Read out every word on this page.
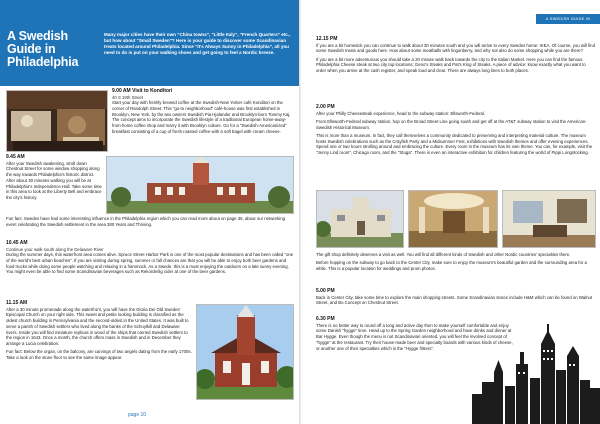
A Swedish Guide in Philadelphia
Many major cities have their own "China towns", "Little Italy", "French Quarters" etc., but how about "Small Sweden"? Here is your guide to discover some Scandinavian treats located around Philadelphia. Since "It's Always Sunny in Philadelphia", all you need to do is put on your walking shoes and get going to feel a Nordic breeze.
9.00 AM Visit to Konditori
40 S 19th Street

Start your day with freshly brewed coffee at the Swedish-New Yorker café Konditori on the corner of Randolph Street. This "go-to neighborhood" café-house was first established in Brooklyn, New York, by the two owners Swedish Pia Hjalander and Brooklyn-born Tommy Kaj. The concept aims to incorporate the Swedish lifestyle of a traditional European home-away-from-home coffee shop and marry it with Brooklyn culture. Go for a "Swedish-Americanized" breakfast consisting of a cup of fresh roasted coffee with a soft bagel with cream cheese.

9.45 AM

After your Swedish awakening, stroll down Chestnut Street for some window shopping along the way towards Philadelphia's historic district. After about 30 minutes walking you will be at Philadelphia's Independence Hall. Take some time in this area to look at the Liberty Bell and embrace the city's history.

Fun fact. Swedes have had some interesting influence in the Philadelphia region which you can read more about on page 35, about our networking event celebrating the Swedish settlement in the area 380 Years and Thriving.

10.45 AM
Continue your walk south along the Delaware River

During the summer days, this waterfront area comes alive. Spruce Street Harbor Park is one of the most popular destinations and has been called "one of the world's best urban beaches". If you are visiting during spring, summer or fall chances are that you will be able to enjoy both beer gardens and food trucks while doing some people watching and relaxing in a hammock. As a Swede, this is a must enjoying the outdoors on a late sunny evening. You might even be able to find some Scandinavian beverages such as Rekorderlig cider at one of the beer gardens.

11.15 AM

After a 30 minute promenade along the waterfront, you will have the Gloria Dei Old Swedes' Episcopal Church on your right side. This sweet and petite looking building is classified as the oldest church building in Pennsylvania and the second-oldest in the United States. It was built to serve a parish of Swedish settlers who lived along the banks of the Schuylkill and Delaware rivers. Inside you will find miniature replicas in wood of the ships that carried Swedish settlers to the region in 1643. Once a month, the church offers mass in Swedish and in December they arrange a Lucia celebration.

Fun fact: Below the organ, on the balcony, are carvings of two angels dating from the early 1700s. Take a look on the stone floor to see the same image appear.

page 10
A SWEDISH GUIDE IN PHILADELPHIA
12.15 PM

If you are a bit homesick you can continue to walk about 30 minutes south and you will arrive to every Swedes home: IKEA. Of course, you will find some Swedish treats and goods here. How about some meatballs with lingonberry, and why not also do some shopping while you are there?

If you are a bit more adventurous you should take a 20 minute walk back towards the city to the Italian Market. Here you can find the famous Philadelphia Cheese steak at two city top locations: Geno's Steaks and Pat's King of Steaks. A piece of advice: know exactly what you want to order when you arrive at the cash register, and speak loud and clear. There are always long lines to both places.

2.00 PM

After your Philly Cheesesteak experience, head to the subway station: Ellsworth-Federal.

From Ellsworth-Federal subway station, hop on the Broad Street Line going south and get off at the AT&T subway station to visit the American-Swedish Historical Museum.

This is more than a museum. In fact, they call themselves a community dedicated to preserving and interpreting material culture. The museum hosts Swedish celebrations such as the Crayfish Party and a Midsummer Fest, exhibitions with Swedish themes and offer evening experiences. Spend one or two hours strolling around and embracing the culture. Every room in the museum has its own theme. You can, for example, visit the "Jenny Lind room", Chicago room, and the "Stuga". There is even an interactive exhibition for children featuring the world of Pippi Longstocking.

The gift shop definitely deserves a visit as well. You will find all different kinds of Swedish and other Nordic countries' specialties there.

Before hopping on the subway to go back to the Center City, make sure to enjoy the museum's beautiful garden and the surrounding area for a while. This is a popular location for weddings and prom photos.

5.00 PM

Back in Center City, take some time to explore the main shopping streets. Some Scandinavian stores include H&M which can be found on Walnut Street, and Bo Concept on Chestnut Street.

6.30 PM

There is no better way to round off a long and active day then to make yourself comfortable and enjoy some Danish "hygge" time. Head up to the Spring Garden neighborhood and have drinks and dinner at Bar Hygge. Even though the menu is not Scandinavian oriented, you will feel the involved concept of "hygge" at the restaurant. Try their house-made beer and specialty boards with various kinds of cheese, or another one of their specialties which is the "Hygge fritters".
